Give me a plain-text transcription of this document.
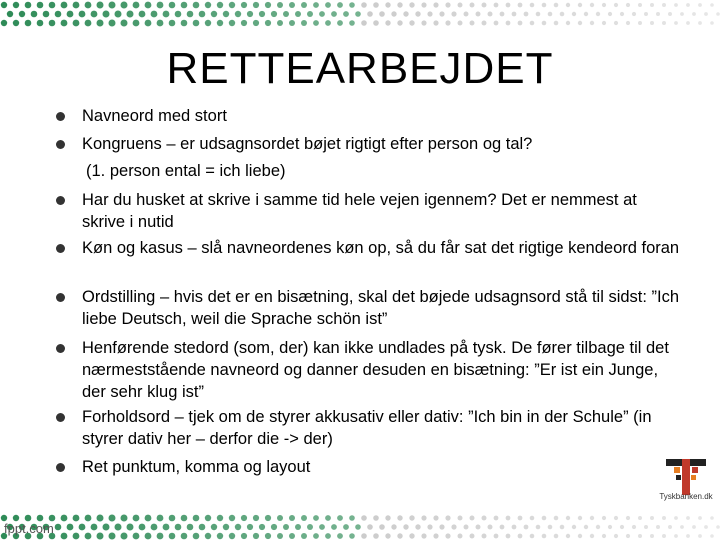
RETTEARBEJDET
Navneord med stort
Kongruens – er udsagnsordet bøjet rigtigt efter person og tal?
(1. person ental = ich liebe)
Har du husket at skrive i samme tid hele vejen igennem? Det er nemmest at skrive i nutid
Køn og kasus – slå navneordenes køn op, så du får sat det rigtige kendeord foran
Ordstilling – hvis det er en bisætning, skal det bøjede udsagnsord stå til sidst: ”Ich liebe Deutsch, weil die Sprache schön ist”
Henførende stedord (som, der) kan ikke undlades på tysk. De fører tilbage til det nærmeststående navneord og danner desuden en bisætning: ”Er ist ein Junge, der sehr klug ist”
Forholdsord – tjek om de styrer akkusativ eller dativ: ”Ich bin in der Schule” (in styrer dativ her – derfor die -> der)
Ret punktum, komma og layout
Tyskbanken.dk
fppt.com
